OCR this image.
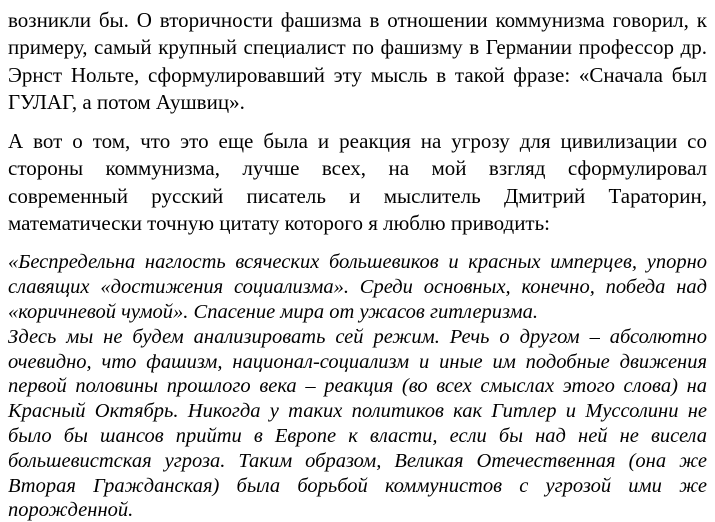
возникли бы. О вторичности фашизма в отношении коммунизма говорил, к примеру, самый крупный специалист по фашизму в Германии профессор др. Эрнст Нольте, сформулировавший эту мысль в такой фразе: «Сначала был ГУЛАГ, а потом Аушвиц».

А вот о том, что это еще была и реакция на угрозу для цивилизации со стороны коммунизма, лучше всех, на мой взгляд сформулировал современный русский писатель и мыслитель Дмитрий Тараторин, математически точную цитату которого я люблю приводить:

«Беспредельна наглость всяческих большевиков и красных имперцев, упорно славящих «достижения социализма». Среди основных, конечно, победа над «коричневой чумой». Спасение мира от ужасов гитлеризма.

Здесь мы не будем анализировать сей режим. Речь о другом – абсолютно очевидно, что фашизм, национал-социализм и иные им подобные движения первой половины прошлого века – реакция (во всех смыслах этого слова) на Красный Октябрь. Никогда у таких политиков как Гитлер и Муссолини не было бы шансов прийти в Европе к власти, если бы над ней не висела большевистская угроза. Таким образом, Великая Отечественная (она же Вторая Гражданская) была борьбой коммунистов с угрозой ими же порожденной.
